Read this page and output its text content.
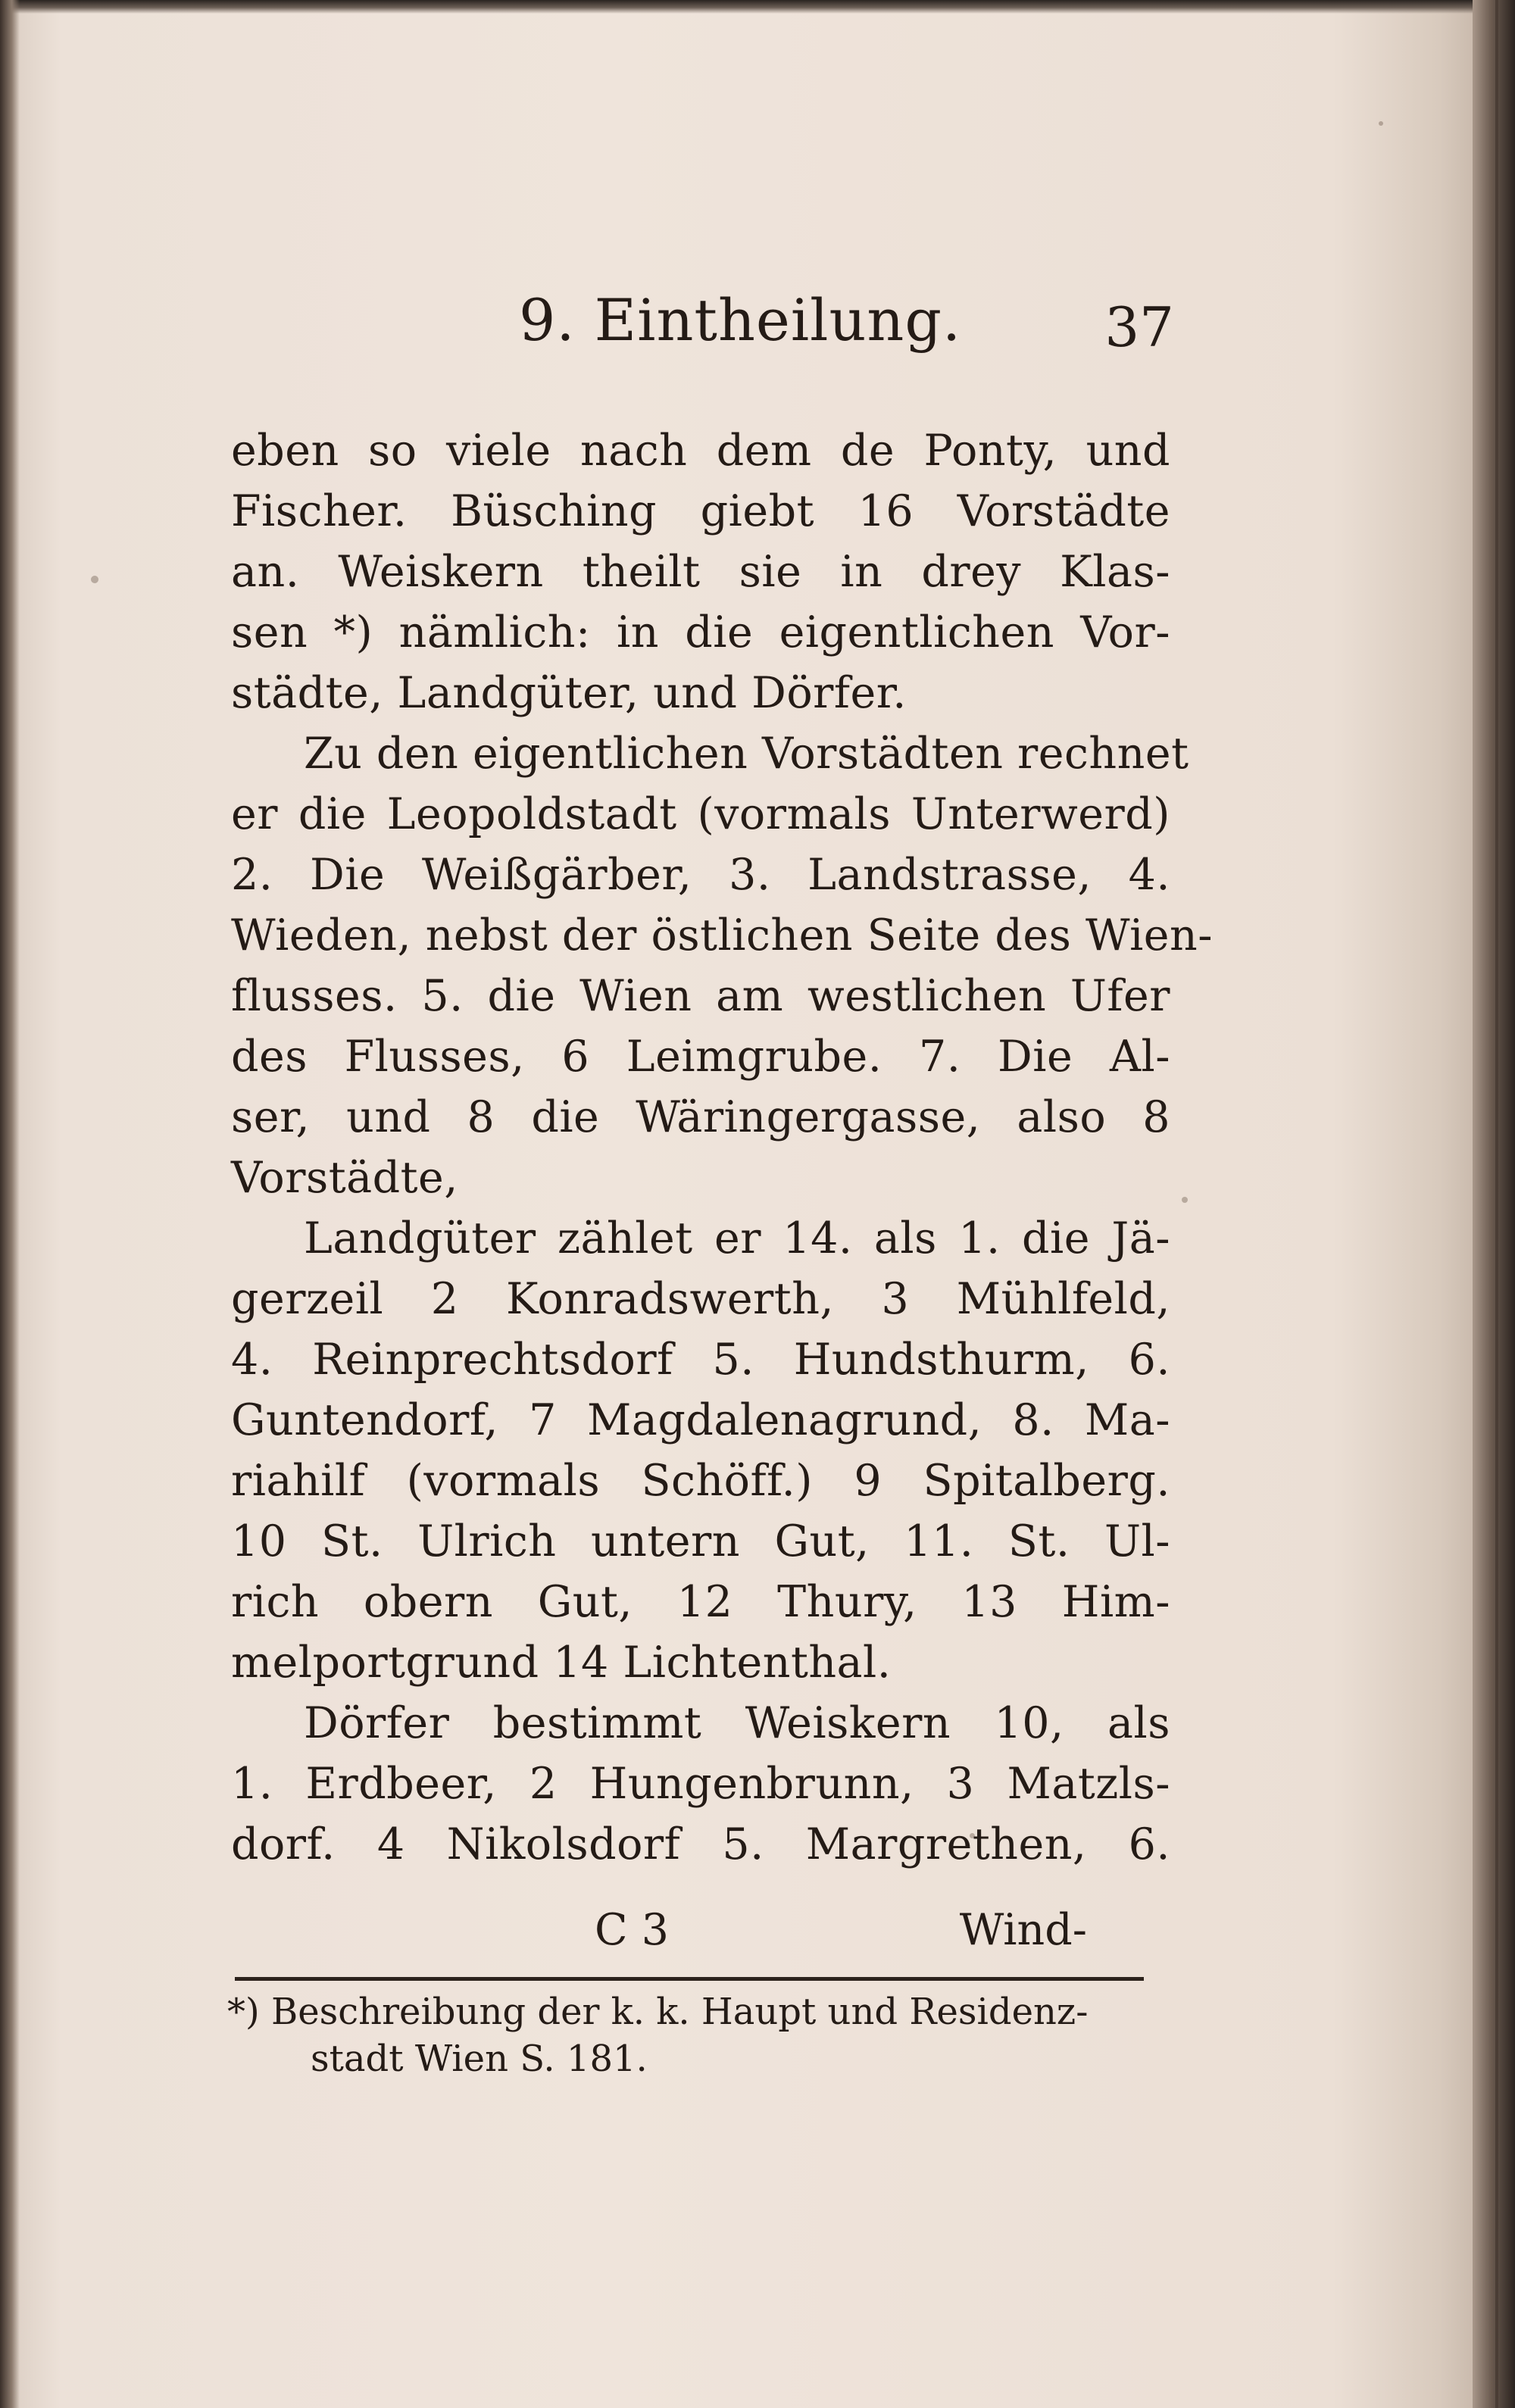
9. Eintheilung.	37
eben so viele nach dem de Ponty, und
Fischer. Büsching giebt 16 Vorstädte
an. Weiskern theilt sie in drey Klas-
sen *) nämlich: in die eigentlichen Vor-
städte, Landgüter, und Dörfer.
Zu den eigentlichen Vorstädten rechnet
er die Leopoldstadt (vormals Unterwerd)
2. Die Weißgärber, 3. Landstrasse, 4.
Wieden, nebst der östlichen Seite des Wien-
flusses. 5. die Wien am westlichen Ufer
des Flusses, 6 Leimgrube. 7. Die Al-
ser, und 8 die Wäringergasse, also 8
Vorstädte,
Landgüter zählet er 14. als 1. die Jä-
gerzeil 2 Konradswerth, 3 Mühlfeld,
4. Reinprechtsdorf 5. Hundsthurm, 6.
Guntendorf, 7 Magdalenagrund, 8. Ma-
riahilf (vormals Schöff.) 9 Spitalberg.
10 St. Ulrich untern Gut, 11. St. Ul-
rich obern Gut, 12 Thury, 13 Him-
melportgrund 14 Lichtenthal.
Dörfer bestimmt Weiskern 10, als
1. Erdbeer, 2 Hungenbrunn, 3 Matzls-
dorf. 4 Nikolsdorf 5. Margrethen, 6.
C 3	Wind-
*) Beschreibung der k. k. Haupt und Residenz-
stadt Wien S. 181.
